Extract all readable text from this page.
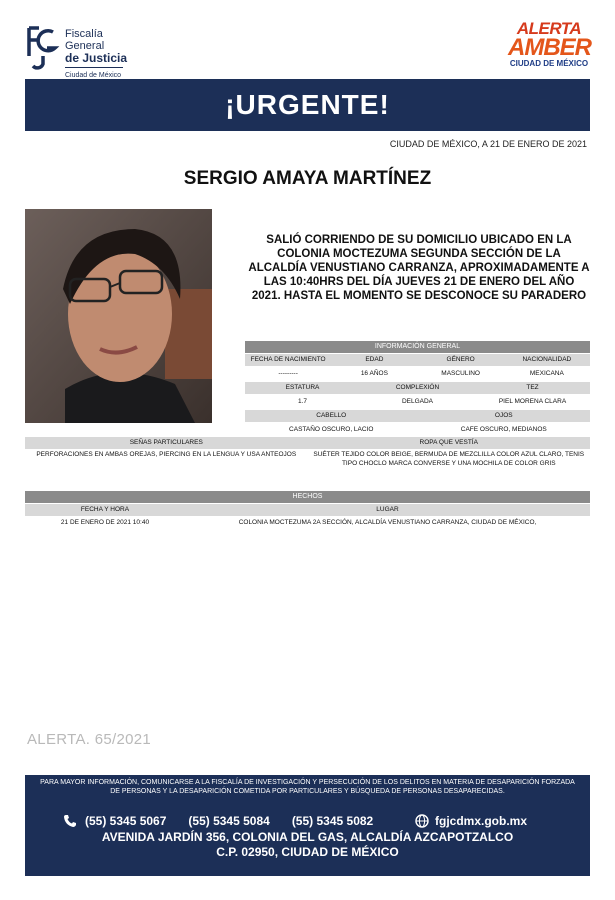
Fiscalía
General
de Justicia
Ciudad de México
ALERTA
AMBER
CIUDAD DE MÉXICO
¡URGENTE!
CIUDAD DE MÉXICO, A 21 DE ENERO DE 2021
SERGIO AMAYA MARTÍNEZ
SALIÓ CORRIENDO DE SU DOMICILIO UBICADO EN LA COLONIA MOCTEZUMA SEGUNDA SECCIÓN DE LA ALCALDÍA VENUSTIANO CARRANZA, APROXIMADAMENTE A LAS 10:40HRS DEL DÍA JUEVES 21 DE ENERO DEL AÑO 2021. HASTA EL MOMENTO SE DESCONOCE SU PARADERO
INFORMACIÓN GENERAL
FECHA DE NACIMIENTO	EDAD	GÉNERO	NACIONALIDAD
---------	16 AÑOS	MASCULINO	MEXICANA
ESTATURA	COMPLEXIÓN	TEZ
1.7	DELGADA	PIEL MORENA CLARA
CABELLO	OJOS
CASTAÑO OSCURO, LACIO	CAFE OSCURO, MEDIANOS
SEÑAS PARTICULARES	ROPA QUE VESTÍA
PERFORACIONES EN AMBAS OREJAS, PIERCING EN LA LENGUA Y USA ANTEOJOS	SUÉTER TEJIDO COLOR BEIGE, BERMUDA DE MEZCLILLA COLOR AZUL CLARO, TENIS TIPO CHOCLO MARCA CONVERSE Y UNA MOCHILA DE COLOR GRIS
HECHOS
FECHA Y HORA	LUGAR
21 DE ENERO DE 2021 10:40	COLONIA MOCTEZUMA 2A SECCIÓN, ALCALDÍA VENUSTIANO CARRANZA, CIUDAD DE MÉXICO,
ALERTA. 65/2021
PARA MAYOR INFORMACIÓN, COMUNICARSE A LA FISCALÍA DE INVESTIGACIÓN Y PERSECUCIÓN DE LOS DELITOS EN MATERIA DE DESAPARICIÓN FORZADA DE PERSONAS Y LA DESAPARICIÓN COMETIDA POR PARTICULARES Y BÚSQUEDA DE PERSONAS DESAPARECIDAS.
(55) 5345 5067 (55) 5345 5084 (55) 5345 5082	fgjcdmx.gob.mx
AVENIDA JARDÍN 356, COLONIA DEL GAS, ALCALDÍA AZCAPOTZALCO
C.P. 02950, CIUDAD DE MÉXICO
